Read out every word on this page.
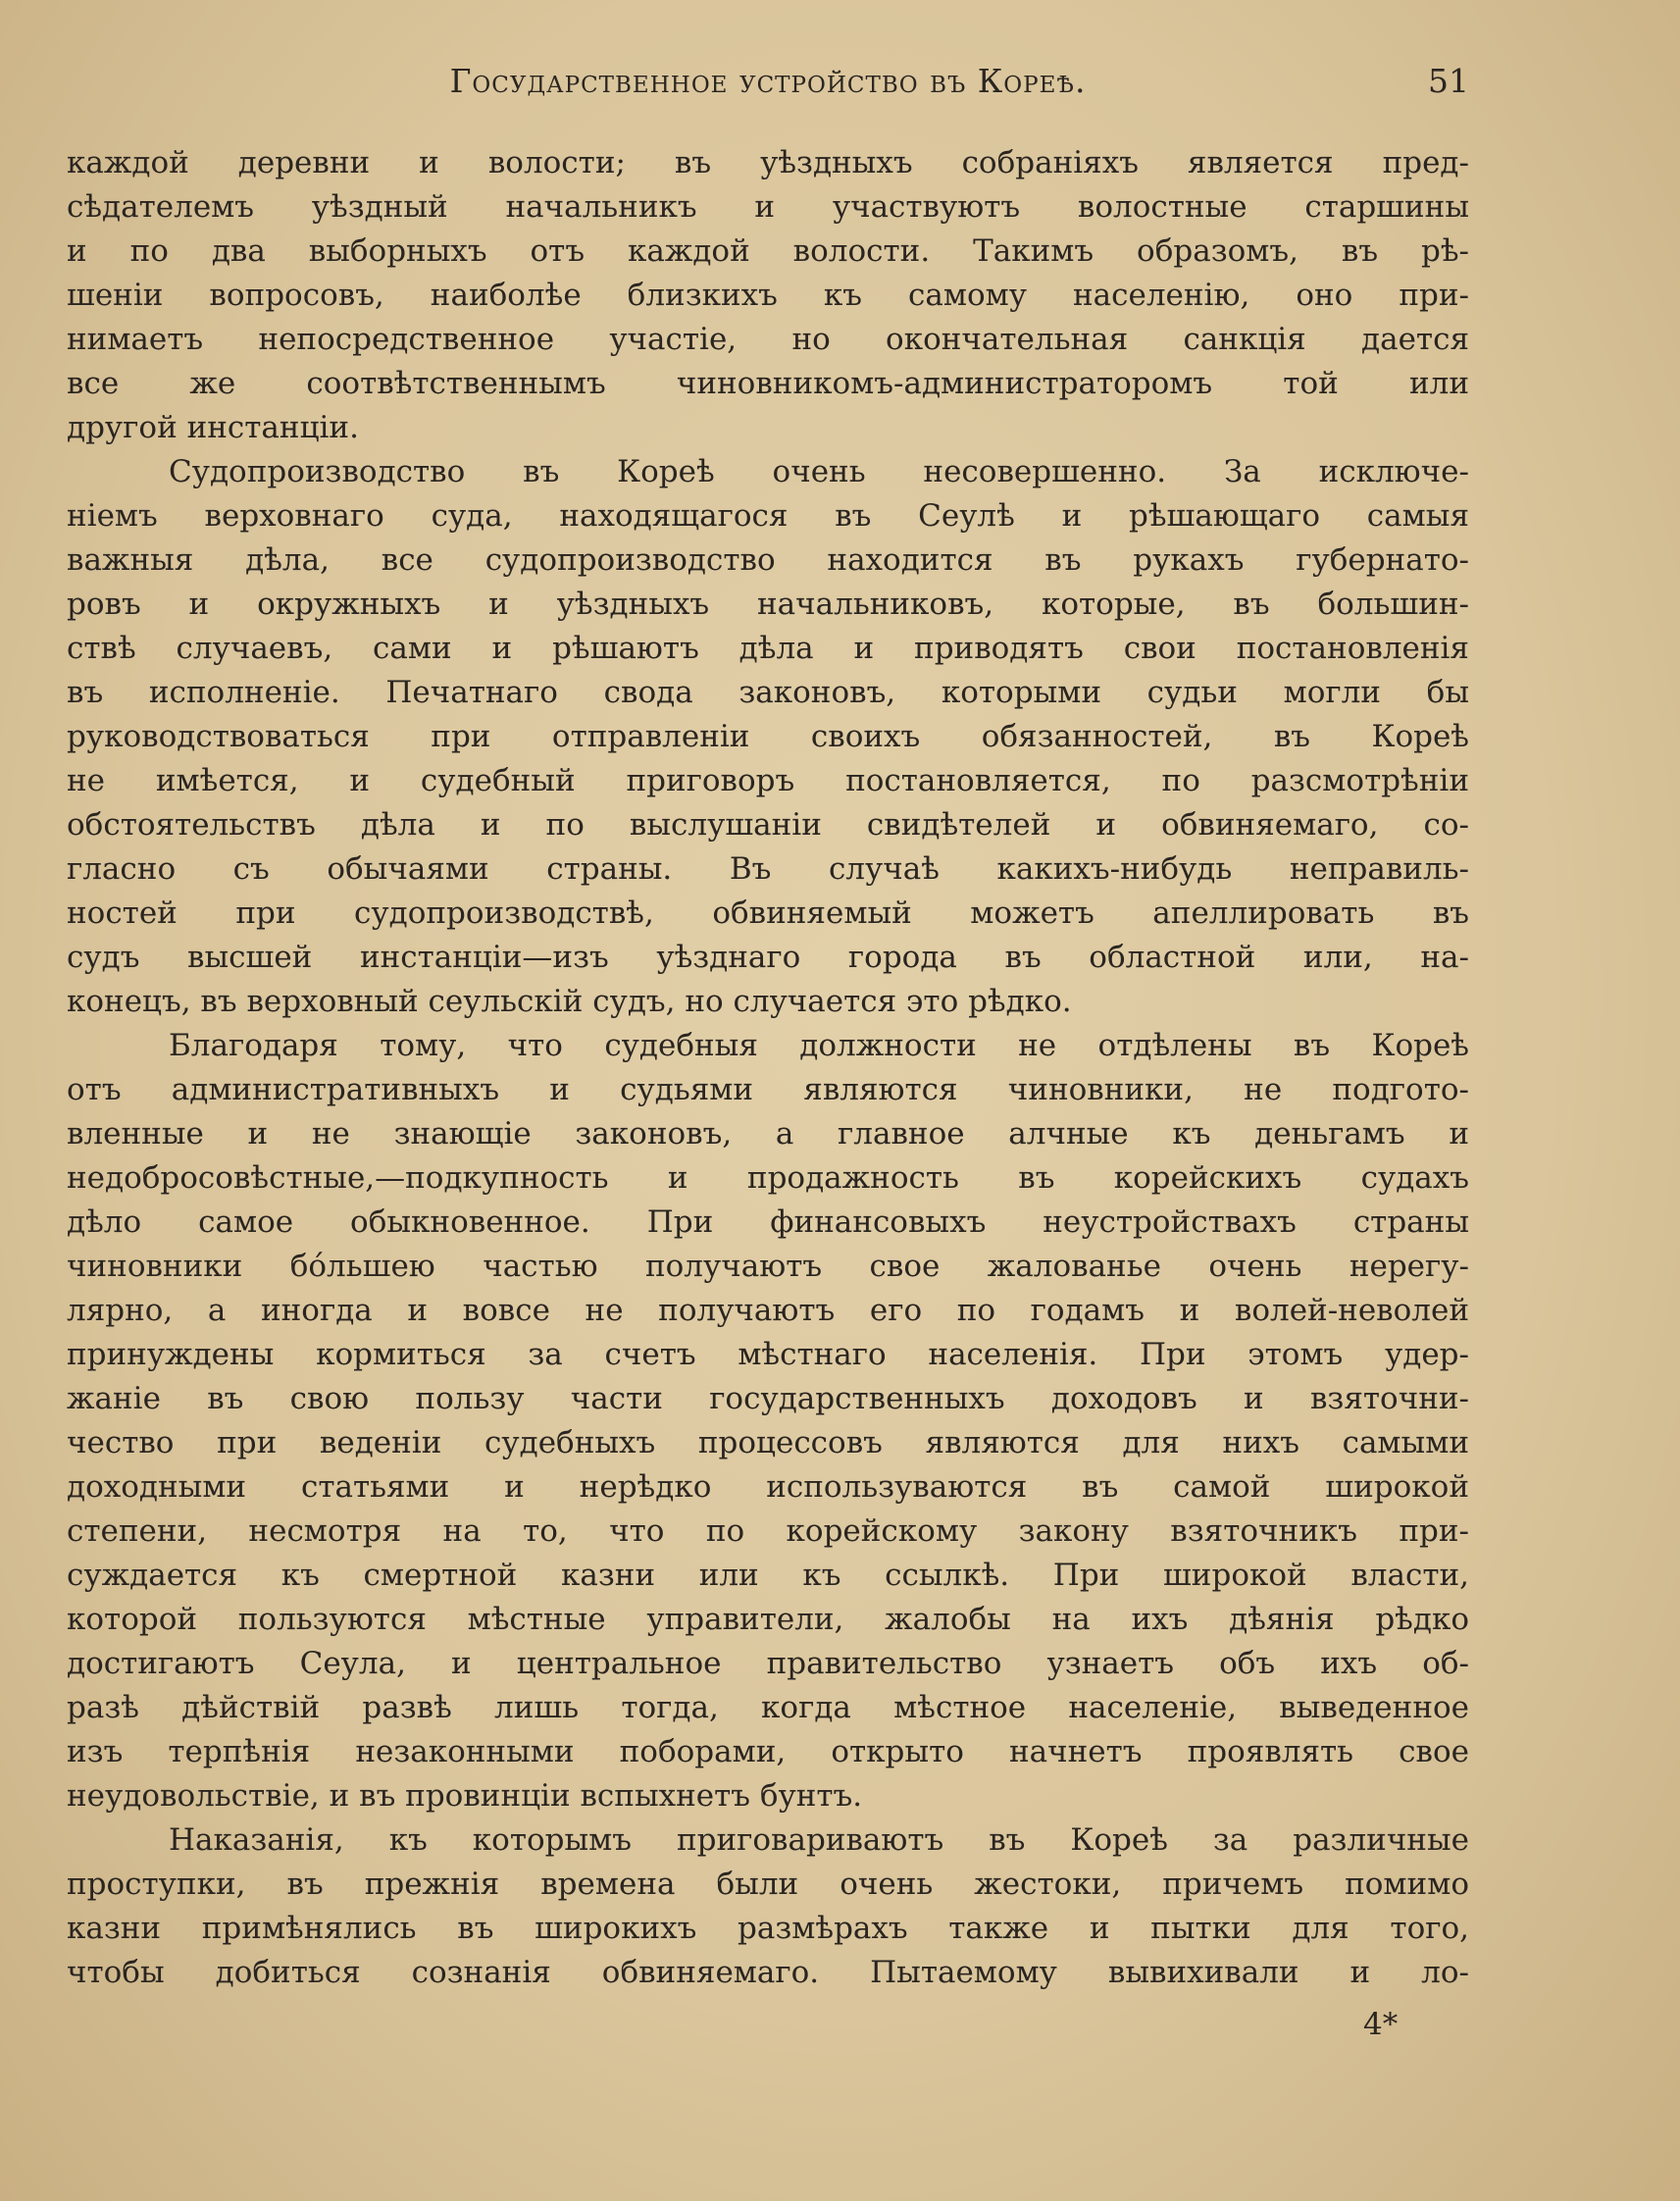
Государственное устройство въ Кореѣ.	51
каждой деревни и волости; въ уѣздныхъ собраніяхъ является пред-
сѣдателемъ уѣздный начальникъ и участвуютъ волостные старшины
и по два выборныхъ отъ каждой волости. Такимъ образомъ, въ рѣ-
шеніи вопросовъ, наиболѣе близкихъ къ самому населенію, оно при-
нимаетъ непосредственное участіе, но окончательная санкція дается
все же соотвѣтственнымъ чиновникомъ-администраторомъ той или
другой инстанціи.
Судопроизводство въ Кореѣ очень несовершенно. За исключе-
ніемъ верховнаго суда, находящагося въ Сеулѣ и рѣшающаго самыя
важныя дѣла, все судопроизводство находится въ рукахъ губернато-
ровъ и окружныхъ и уѣздныхъ начальниковъ, которые, въ большин-
ствѣ случаевъ, сами и рѣшаютъ дѣла и приводятъ свои постановленія
въ исполненіе. Печатнаго свода законовъ, которыми судьи могли бы
руководствоваться при отправленіи своихъ обязанностей, въ Кореѣ
не имѣется, и судебный приговоръ постановляется, по разсмотрѣніи
обстоятельствъ дѣла и по выслушаніи свидѣтелей и обвиняемаго, со-
гласно съ обычаями страны. Въ случаѣ какихъ-нибудь неправиль-
ностей при судопроизводствѣ, обвиняемый можетъ апеллировать въ
судъ высшей инстанціи—изъ уѣзднаго города въ областной или, на-
конецъ, въ верховный сеульскій судъ, но случается это рѣдко.
Благодаря тому, что судебныя должности не отдѣлены въ Кореѣ
отъ административныхъ и судьями являются чиновники, не подгото-
вленные и не знающіе законовъ, а главное алчные къ деньгамъ и
недобросовѣстные,—подкупность и продажность въ корейскихъ судахъ
дѣло самое обыкновенное. При финансовыхъ неустройствахъ страны
чиновники бóльшею частью получаютъ свое жалованье очень нерегу-
лярно, а иногда и вовсе не получаютъ его по годамъ и волей-неволей
принуждены кормиться за счетъ мѣстнаго населенія. При этомъ удер-
жаніе въ свою пользу части государственныхъ доходовъ и взяточни-
чество при веденіи судебныхъ процессовъ являются для нихъ самыми
доходными статьями и нерѣдко используваются въ самой широкой
степени, несмотря на то, что по корейскому закону взяточникъ при-
суждается къ смертной казни или къ ссылкѣ. При широкой власти,
которой пользуются мѣстные управители, жалобы на ихъ дѣянія рѣдко
достигаютъ Сеула, и центральное правительство узнаетъ объ ихъ об-
разѣ дѣйствій развѣ лишь тогда, когда мѣстное населеніе, выведенное
изъ терпѣнія незаконными поборами, открыто начнетъ проявлять свое
неудовольствіе, и въ провинціи вспыхнетъ бунтъ.
Наказанія, къ которымъ приговариваютъ въ Кореѣ за различные
проступки, въ прежнія времена были очень жестоки, причемъ помимо
казни примѣнялись въ широкихъ размѣрахъ также и пытки для того,
чтобы добиться сознанія обвиняемаго. Пытаемому вывихивали и ло-
4*
